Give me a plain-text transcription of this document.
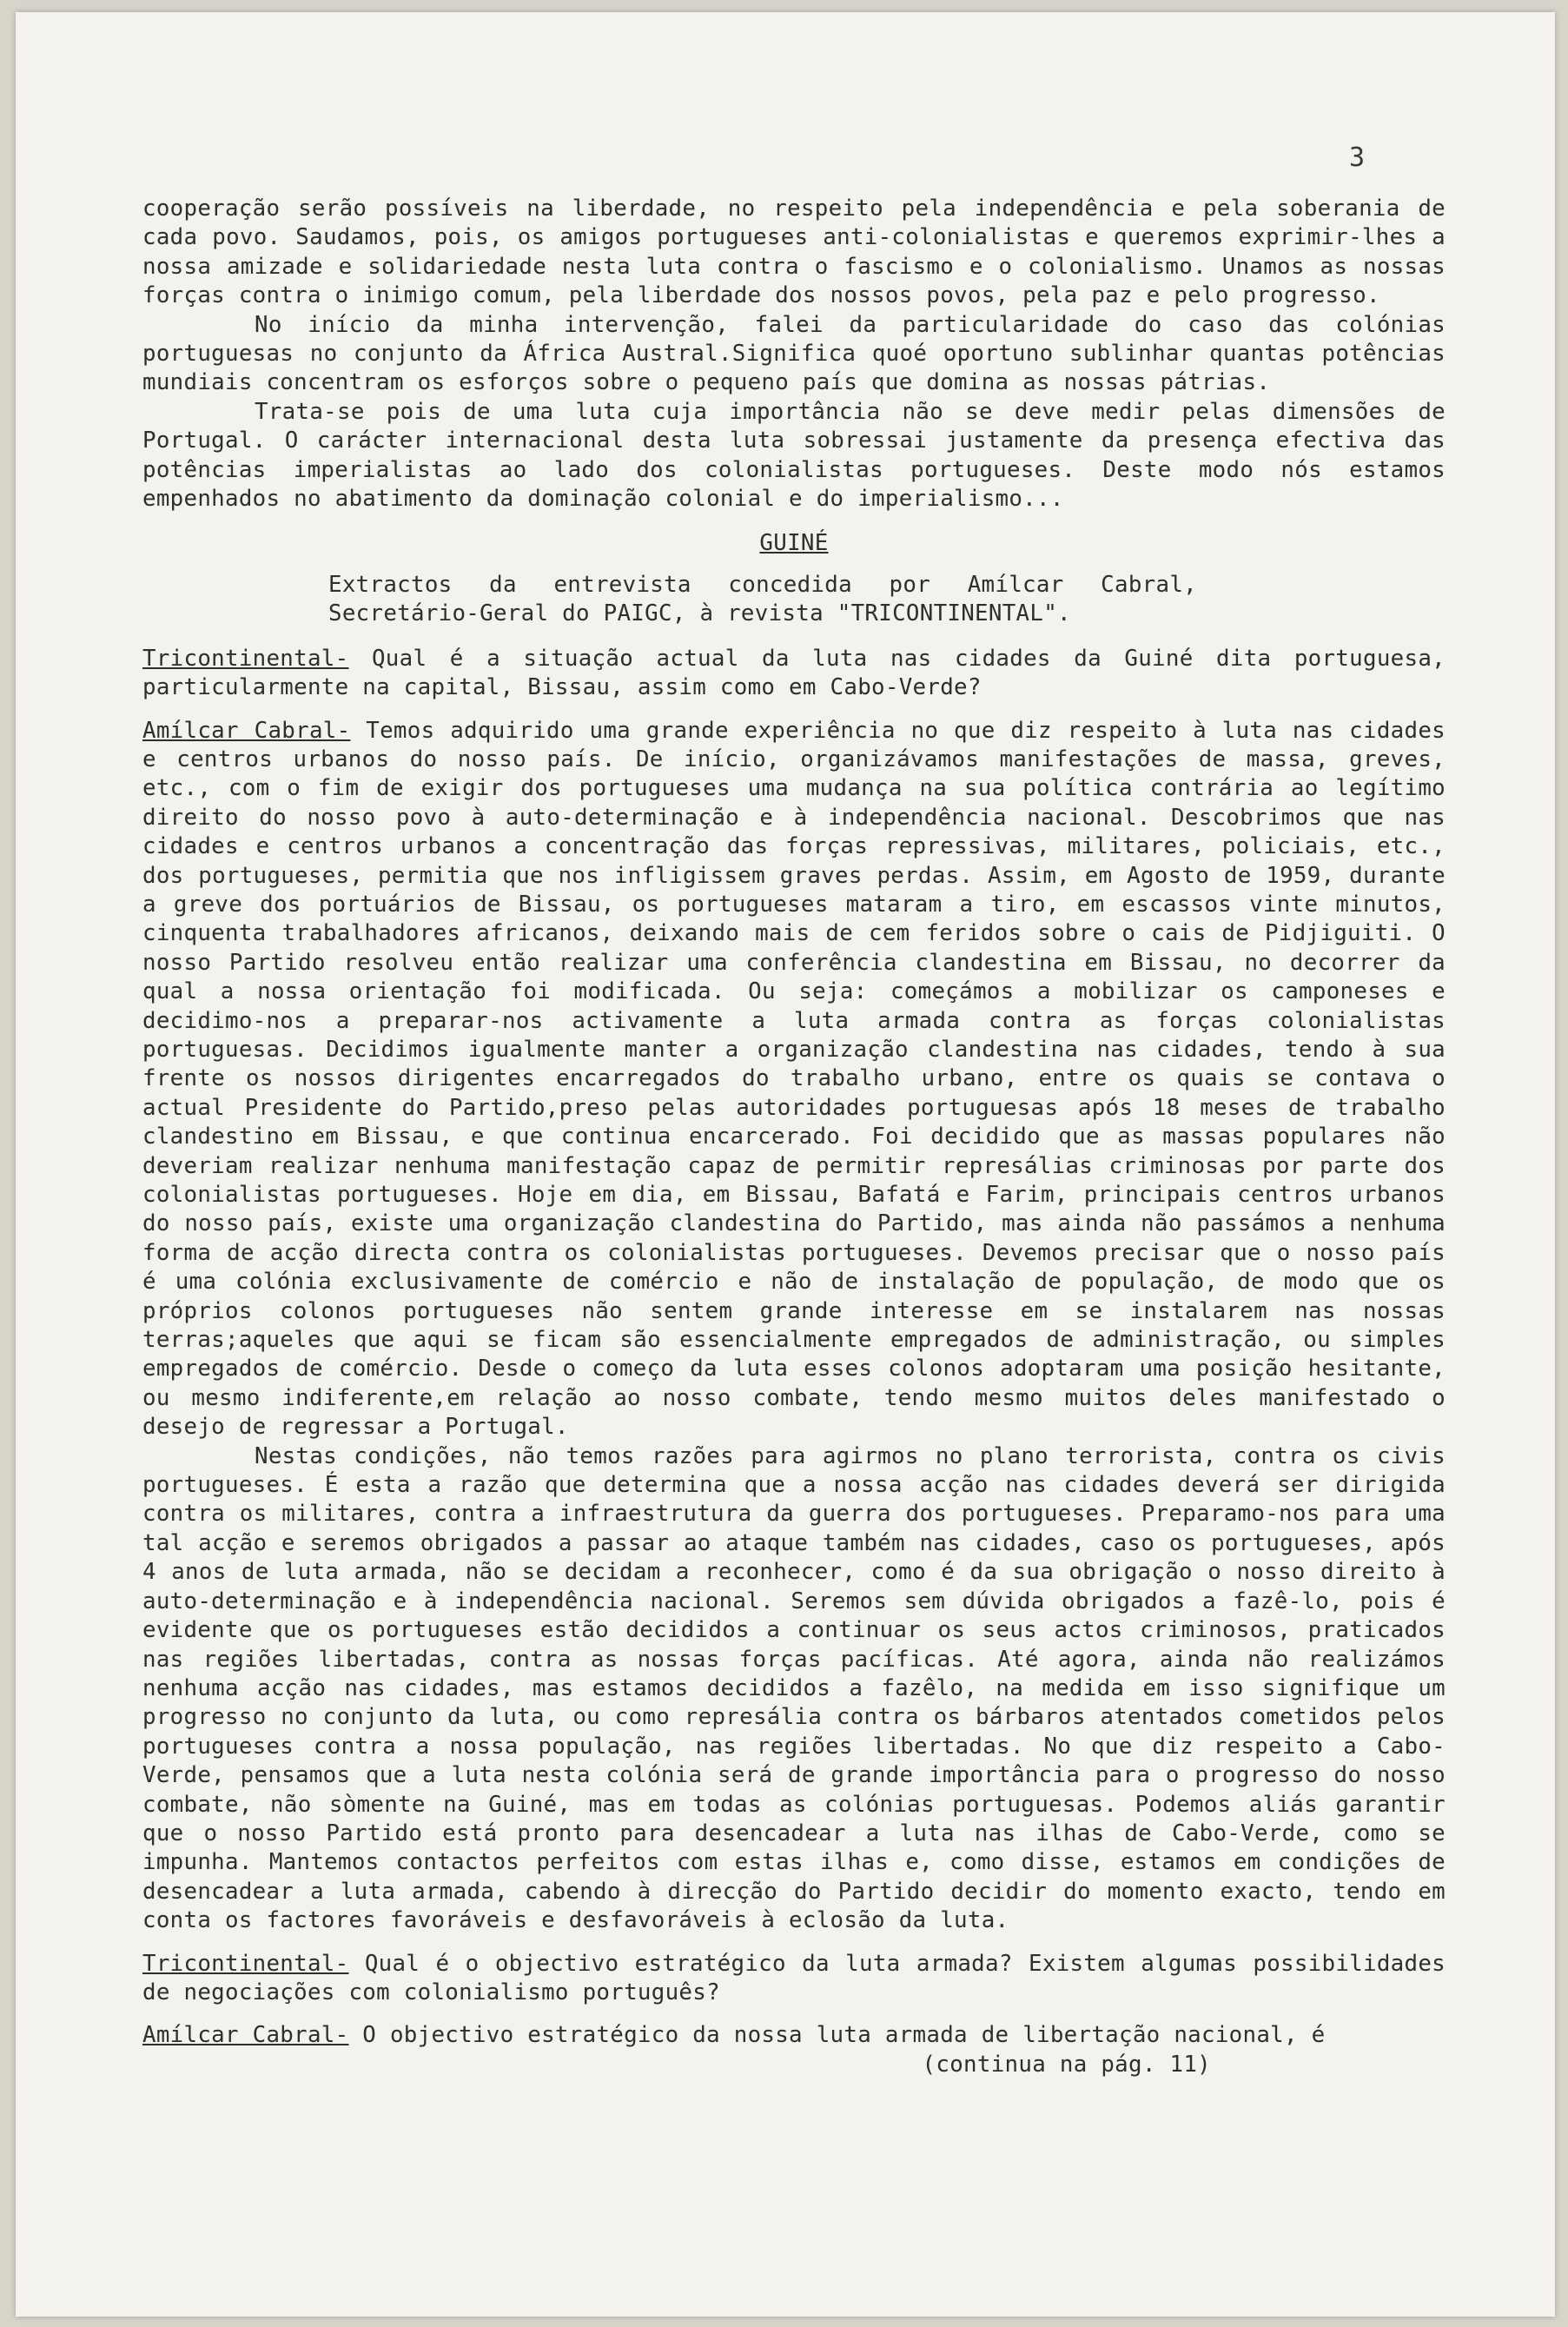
3

cooperação serão possíveis na liberdade, no respeito pela independência e pela soberania de cada povo. Saudamos, pois, os amigos portugueses anti-colonialistas e queremos exprimir-lhes a nossa amizade e solidariedade nesta luta contra o fascismo e o colonialismo. Unamos as nossas forças contra o inimigo comum, pela liberdade dos nossos povos, pela paz e pelo progresso.

No início da minha intervenção, falei da particularidade do caso das colónias portuguesas no conjunto da África Austral.Significa quoé oportuno sublinhar quantas potências mundiais concentram os esforços sobre o pequeno país que domina as nossas pátrias.

Trata-se pois de uma luta cuja importância não se deve medir pelas dimensões de Portugal. O carácter internacional desta luta sobressai justamente da presença efectiva das potências imperialistas ao lado dos colonialistas portugueses. Deste modo nós estamos empenhados no abatimento da dominação colonial e do imperialismo...

GUINÉ

Extractos da entrevista concedida por Amílcar Cabral, Secretário-Geral do PAIGC, à revista "TRICONTINENTAL".

Tricontinental- Qual é a situação actual da luta nas cidades da Guiné dita portuguesa, particularmente na capital, Bissau, assim como em Cabo-Verde?

Amílcar Cabral- Temos adquirido uma grande experiência no que diz respeito à luta nas cidades e centros urbanos do nosso país. De início, organizávamos manifestações de massa, greves, etc., com o fim de exigir dos portugueses uma mudança na sua política contrária ao legítimo direito do nosso povo à auto-determinação e à independência nacional. Descobrimos que nas cidades e centros urbanos a concentração das forças repressivas, militares, policiais, etc., dos portugueses, permitia que nos infligissem graves perdas. Assim, em Agosto de 1959, durante a greve dos portuários de Bissau, os portugueses mataram a tiro, em escassos vinte minutos, cinquenta trabalhadores africanos, deixando mais de cem feridos sobre o cais de Pidjiguiti. O nosso Partido resolveu então realizar uma conferência clandestina em Bissau, no decorrer da qual a nossa orientação foi modificada. Ou seja: começámos a mobilizar os camponeses e decidimo-nos a preparar-nos activamente a luta armada contra as forças colonialistas portuguesas. Decidimos igualmente manter a organização clandestina nas cidades, tendo à sua frente os nossos dirigentes encarregados do trabalho urbano, entre os quais se contava o actual Presidente do Partido,preso pelas autoridades portuguesas após 18 meses de trabalho clandestino em Bissau, e que continua encarcerado. Foi decidido que as massas populares não deveriam realizar nenhuma manifestação capaz de permitir represálias criminosas por parte dos colonialistas portugueses. Hoje em dia, em Bissau, Bafatá e Farim, principais centros urbanos do nosso país, existe uma organização clandestina do Partido, mas ainda não passámos a nenhuma forma de acção directa contra os colonialistas portugueses. Devemos precisar que o nosso país é uma colónia exclusivamente de comércio e não de instalação de população, de modo que os próprios colonos portugueses não sentem grande interesse em se instalarem nas nossas terras;aqueles que aqui se ficam são essencialmente empregados de administração, ou simples empregados de comércio. Desde o começo da luta esses colonos adoptaram uma posição hesitante, ou mesmo indiferente,em relação ao nosso combate, tendo mesmo muitos deles manifestado o desejo de regressar a Portugal.

Nestas condições, não temos razões para agirmos no plano terrorista, contra os civis portugueses. É esta a razão que determina que a nossa acção nas cidades deverá ser dirigida contra os militares, contra a infraestrutura da guerra dos portugueses. Preparamo-nos para uma tal acção e seremos obrigados a passar ao ataque também nas cidades, caso os portugueses, após 4 anos de luta armada, não se decidam a reconhecer, como é da sua obrigação o nosso direito à auto-determinação e à independência nacional. Seremos sem dúvida obrigados a fazê-lo, pois é evidente que os portugueses estão decididos a continuar os seus actos criminosos, praticados nas regiões libertadas, contra as nossas forças pacíficas. Até agora, ainda não realizámos nenhuma acção nas cidades, mas estamos decididos a fazêlo, na medida em isso signifique um progresso no conjunto da luta, ou como represália contra os bárbaros atentados cometidos pelos portugueses contra a nossa população, nas regiões libertadas. No que diz respeito a Cabo-Verde, pensamos que a luta nesta colónia será de grande importância para o progresso do nosso combate, não sòmente na Guiné, mas em todas as colónias portuguesas. Podemos aliás garantir que o nosso Partido está pronto para desencadear a luta nas ilhas de Cabo-Verde, como se impunha. Mantemos contactos perfeitos com estas ilhas e, como disse, estamos em condições de desencadear a luta armada, cabendo à direcção do Partido decidir do momento exacto, tendo em conta os factores favoráveis e desfavoráveis à eclosão da luta.

Tricontinental- Qual é o objectivo estratégico da luta armada? Existem algumas possibilidades de negociações com colonialismo português?

Amílcar Cabral- O objectivo estratégico da nossa luta armada de libertação nacional, é

(continua na pág. 11)
